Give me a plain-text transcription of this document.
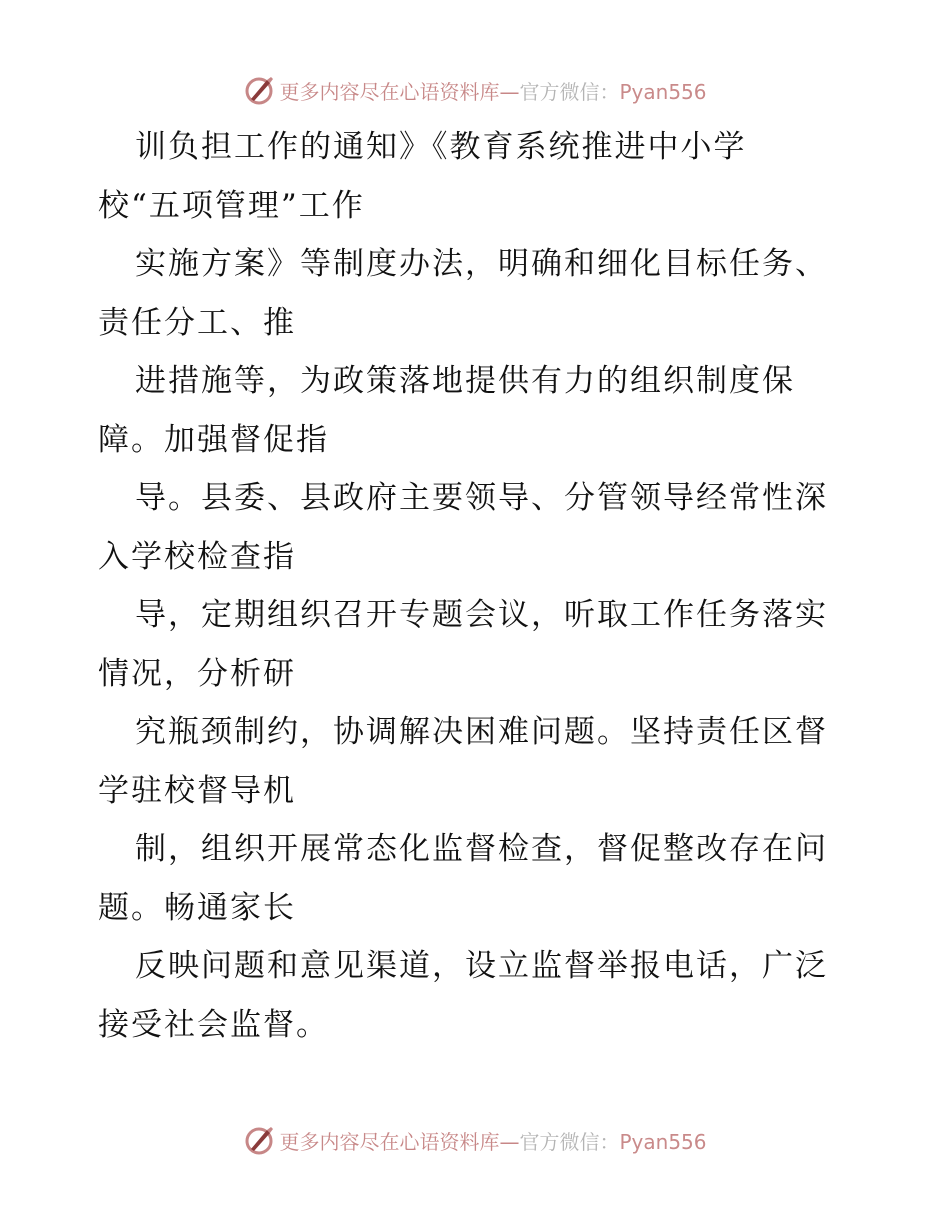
更多内容尽在心语资料库—官方微信：Pyan556
训负担工作的通知》《教育系统推进中小学
校“五项管理”工作
实施方案》等制度办法，明确和细化目标任务、
责任分工、推
进措施等，为政策落地提供有力的组织制度保
障。加强督促指
导。县委、县政府主要领导、分管领导经常性深
入学校检查指
导，定期组织召开专题会议，听取工作任务落实
情况，分析研
究瓶颈制约，协调解决困难问题。坚持责任区督
学驻校督导机
制，组织开展常态化监督检查，督促整改存在问
题。畅通家长
反映问题和意见渠道，设立监督举报电话，广泛
接受社会监督。
更多内容尽在心语资料库—官方微信：Pyan556
